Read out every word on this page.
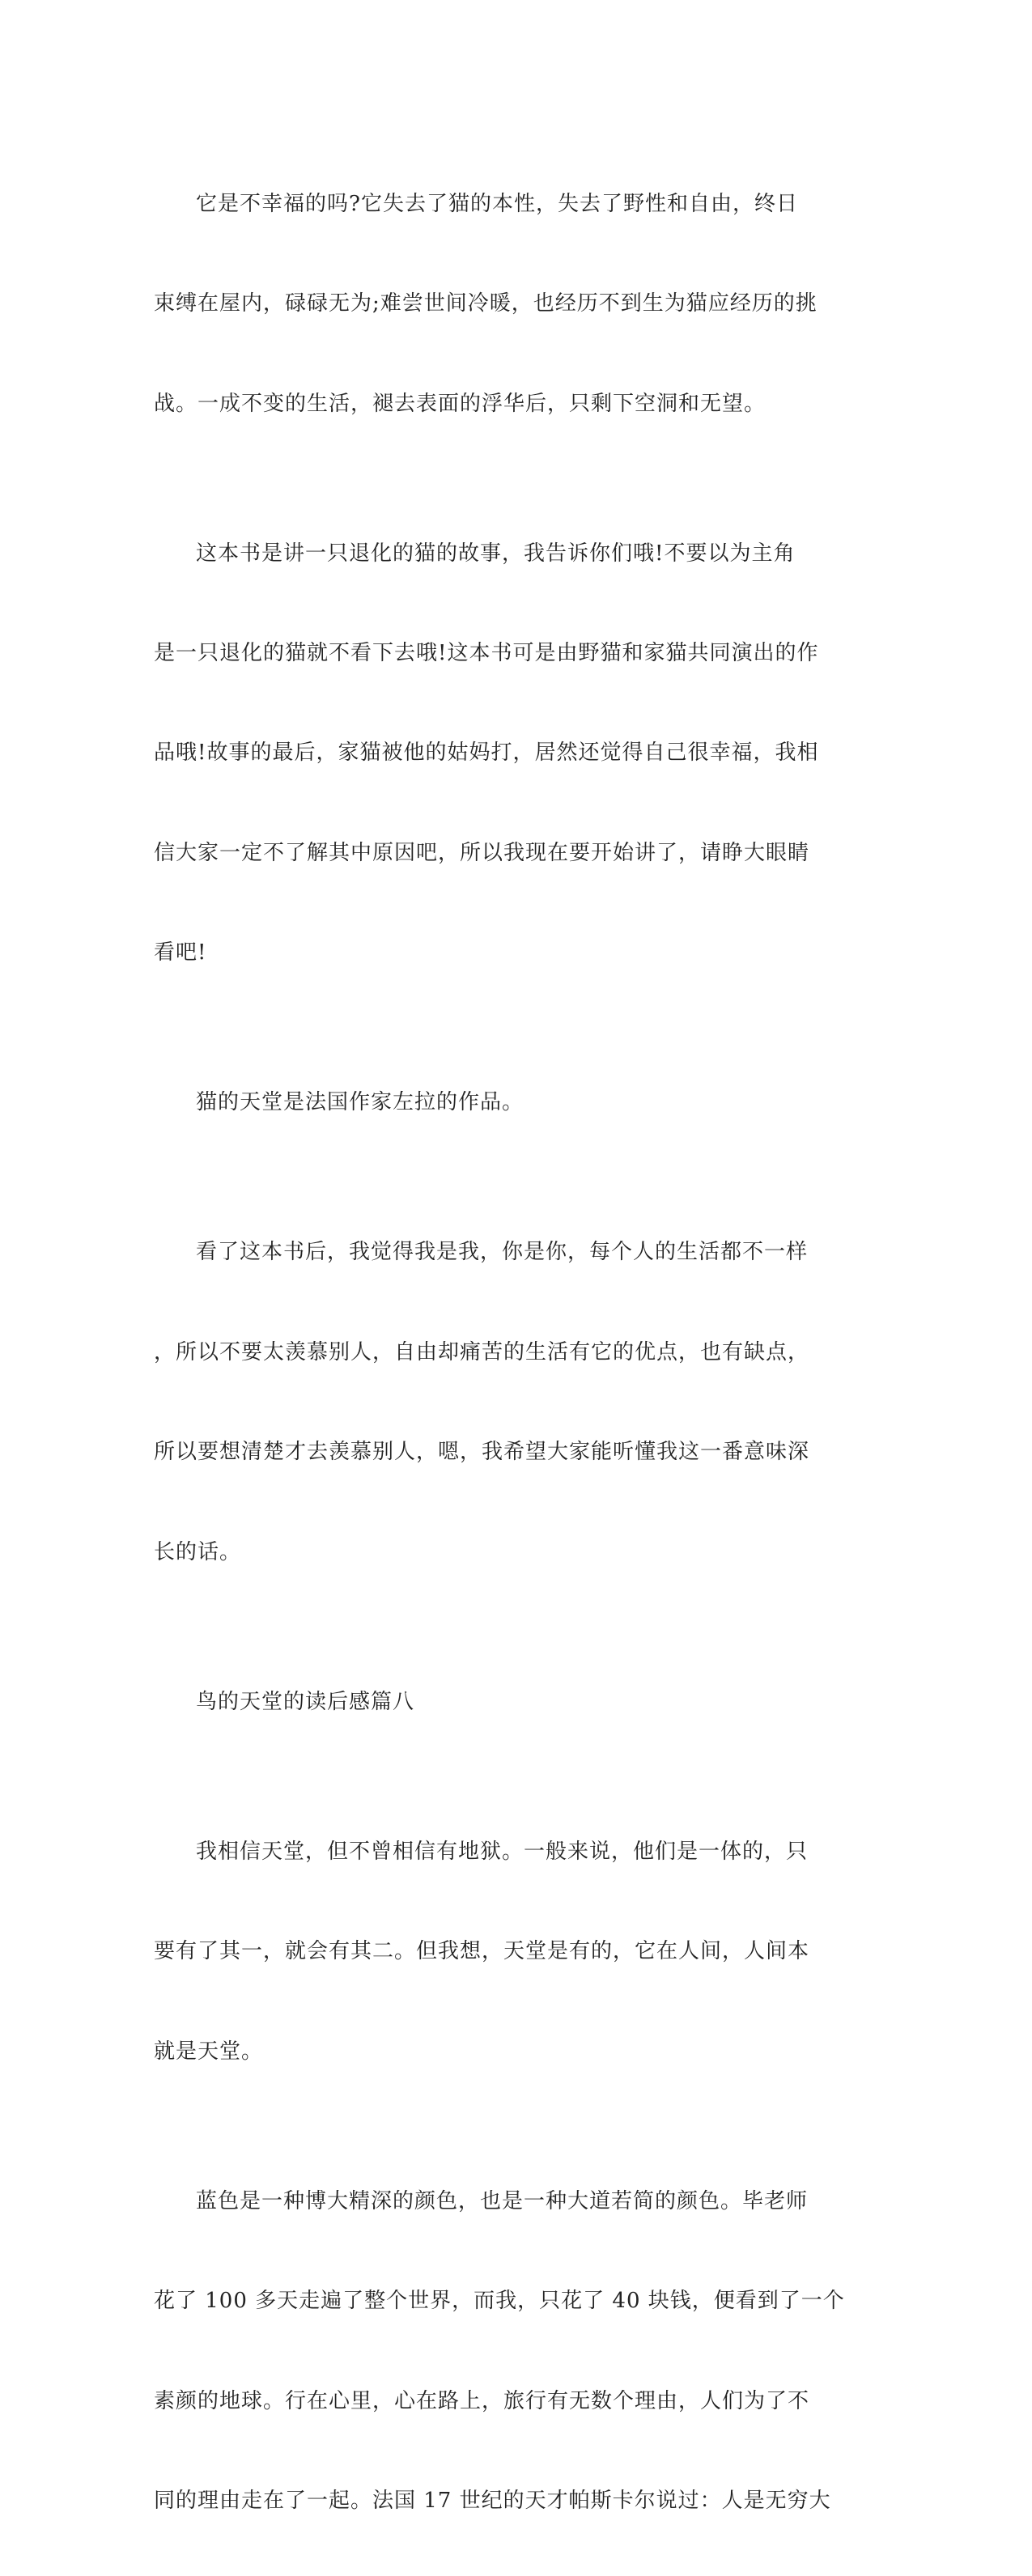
它是不幸福的吗?它失去了猫的本性，失去了野性和自由，终日

束缚在屋内，碌碌无为;难尝世间冷暖，也经历不到生为猫应经历的挑

战。一成不变的生活，褪去表面的浮华后，只剩下空洞和无望。

这本书是讲一只退化的猫的故事，我告诉你们哦!不要以为主角

是一只退化的猫就不看下去哦!这本书可是由野猫和家猫共同演出的作

品哦!故事的最后，家猫被他的姑妈打，居然还觉得自己很幸福，我相

信大家一定不了解其中原因吧，所以我现在要开始讲了，请睁大眼睛

看吧!

猫的天堂是法国作家左拉的作品。

看了这本书后，我觉得我是我，你是你，每个人的生活都不一样

，所以不要太羡慕别人，自由却痛苦的生活有它的优点，也有缺点，

所以要想清楚才去羡慕别人，嗯，我希望大家能听懂我这一番意味深

长的话。

鸟的天堂的读后感篇八

我相信天堂，但不曾相信有地狱。一般来说，他们是一体的，只

要有了其一，就会有其二。但我想，天堂是有的，它在人间，人间本

就是天堂。

蓝色是一种博大精深的颜色，也是一种大道若简的颜色。毕老师

花了 100 多天走遍了整个世界，而我，只花了 40 块钱，便看到了一个

素颜的地球。行在心里，心在路上，旅行有无数个理由，人们为了不

同的理由走在了一起。法国 17 世纪的天才帕斯卡尔说过：人是无穷大
